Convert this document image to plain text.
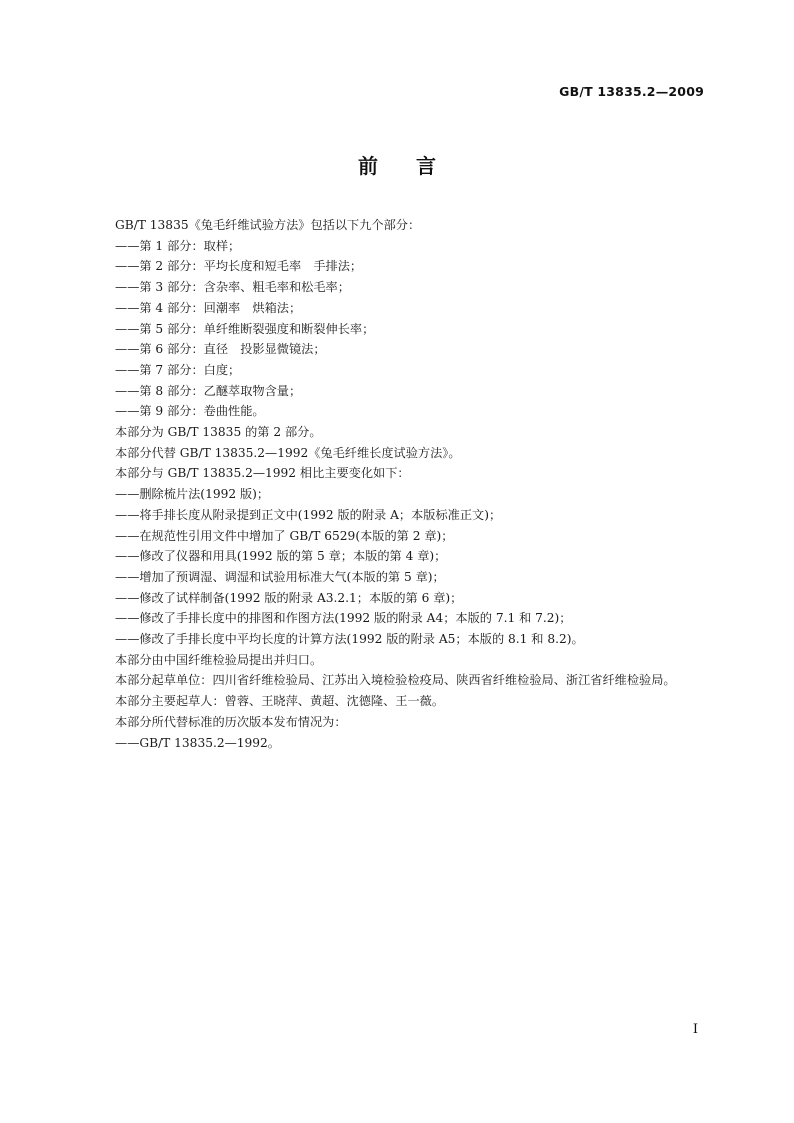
GB/T 13835.2—2009
前言
GB/T 13835《兔毛纤维试验方法》包括以下九个部分：
——第 1 部分：取样；
——第 2 部分：平均长度和短毛率　手排法；
——第 3 部分：含杂率、粗毛率和松毛率；
——第 4 部分：回潮率　烘箱法；
——第 5 部分：单纤维断裂强度和断裂伸长率；
——第 6 部分：直径　投影显微镜法；
——第 7 部分：白度；
——第 8 部分：乙醚萃取物含量；
——第 9 部分：卷曲性能。
本部分为 GB/T 13835 的第 2 部分。
本部分代替 GB/T 13835.2—1992《兔毛纤维长度试验方法》。
本部分与 GB/T 13835.2—1992 相比主要变化如下：
——删除梳片法(1992 版)；
——将手排长度从附录提到正文中(1992 版的附录 A；本版标准正文)；
——在规范性引用文件中增加了 GB/T 6529(本版的第 2 章)；
——修改了仪器和用具(1992 版的第 5 章；本版的第 4 章)；
——增加了预调湿、调湿和试验用标准大气(本版的第 5 章)；
——修改了试样制备(1992 版的附录 A3.2.1；本版的第 6 章)；
——修改了手排长度中的排图和作图方法(1992 版的附录 A4；本版的 7.1 和 7.2)；
——修改了手排长度中平均长度的计算方法(1992 版的附录 A5；本版的 8.1 和 8.2)。
本部分由中国纤维检验局提出并归口。
本部分起草单位：四川省纤维检验局、江苏出入境检验检疫局、陕西省纤维检验局、浙江省纤维检验局。
本部分主要起草人：曾蓉、王晓萍、黄超、沈德隆、王一薇。
本部分所代替标准的历次版本发布情况为：
——GB/T 13835.2—1992。
I
